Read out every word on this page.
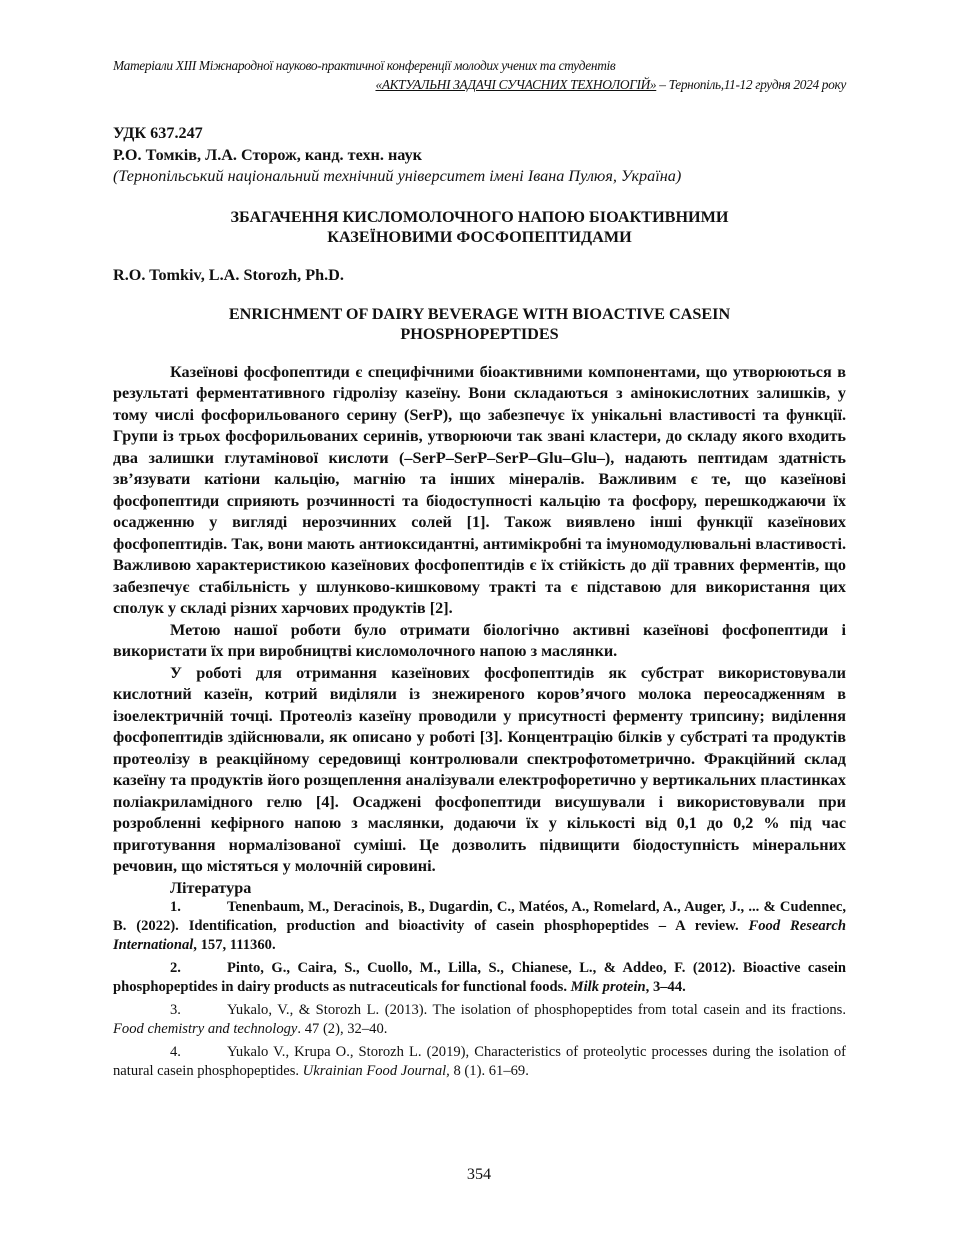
Матеріали XIII Міжнародної науково-практичної конференції молодих учених та студентів
«АКТУАЛЬНІ ЗАДАЧІ СУЧАСНИХ ТЕХНОЛОГІЙ» – Тернопіль,11-12 грудня 2024 року
УДК 637.247
Р.О. Томків, Л.А. Сторож, канд. техн. наук
(Тернопільський національний технічний університет імені Івана Пулюя, Україна)
ЗБАГАЧЕННЯ КИСЛОМОЛОЧНОГО НАПОЮ БІОАКТИВНИМИ
КАЗЕЇНОВИМИ ФОСФОПЕПТИДАМИ
R.O. Tomkiv, L.A. Storozh, Ph.D.
ENRICHMENT OF DAIRY BEVERAGE WITH BIOACTIVE CASEIN
PHOSPHOPEPTIDES

Казеїнові фосфопептиди є специфічними біоактивними компонентами, що утворюються в результаті ферментативного гідролізу казеїну. Вони складаються з амінокислотних залишків, у тому числі фосфорильованого серину (SerP), що забезпечує їх унікальні властивості та функції. Групи із трьох фосфорильованих серинів, утворюючи так звані кластери, до складу якого входить два залишки глутамінової кислоти (–SerP–SerP–SerP–Glu–Glu–), надають пептидам здатність зв’язувати катіони кальцію, магнію та інших мінералів. Важливим є те, що казеїнові фосфопептиди сприяють розчинності та біодоступності кальцію та фосфору, перешкоджаючи їх осадженню у вигляді нерозчинних солей [1]. Також виявлено інші функції казеїнових фосфопептидів. Так, вони мають антиоксидантні, антимікробні та імуномодулювальні властивості. Важливою характеристикою казеїнових фосфопептидів є їх стійкість до дії травних ферментів, що забезпечує стабільність у шлунково-кишковому тракті та є підставою для використання цих сполук у складі різних харчових продуктів [2].

Метою нашої роботи було отримати біологічно активні казеїнові фосфопептиди і використати їх при виробництві кисломолочного напою з маслянки.

У роботі для отримання казеїнових фосфопептидів як субстрат використовували кислотний казеїн, котрий виділяли із знежиреного коров’ячого молока переосадженням в ізоелектричній точці. Протеоліз казеїну проводили у присутності ферменту трипсину; виділення фосфопептидів здійснювали, як описано у роботі [3]. Концентрацію білків у субстраті та продуктів протеолізу в реакційному середовищі контролювали спектрофотометрично. Фракційний склад казеїну та продуктів його розщеплення аналізували електрофоретично у вертикальних пластинках поліакриламідного гелю [4]. Осаджені фосфопептиди висушували і використовували при розробленні кефірного напою з маслянки, додаючи їх у кількості від 0,1 до 0,2 % під час приготування нормалізованої суміші. Це дозволить підвищити біодоступність мінеральних речовин, що містяться у молочній сировині.

Література
1.	Tenenbaum, M., Deracinois, B., Dugardin, C., Matéos, A., Romelard, A., Auger, J., ... & Cudennec, B. (2022). Identification, production and bioactivity of casein phosphopeptides – A review. Food Research International, 157, 111360.
2.	Pinto, G., Caira, S., Cuollo, M., Lilla, S., Chianese, L., & Addeo, F. (2012). Bioactive casein phosphopeptides in dairy products as nutraceuticals for functional foods. Milk protein, 3–44.
3.	Yukalo, V., & Storozh L. (2013). The isolation of phosphopeptides from total casein and its fractions. Food chemistry and technology. 47 (2), 32–40.
4.	Yukalo V., Krupa O., Storozh L. (2019), Characteristics of proteolytic processes during the isolation of natural casein phosphopeptides. Ukrainian Food Journal, 8 (1). 61–69.
354
